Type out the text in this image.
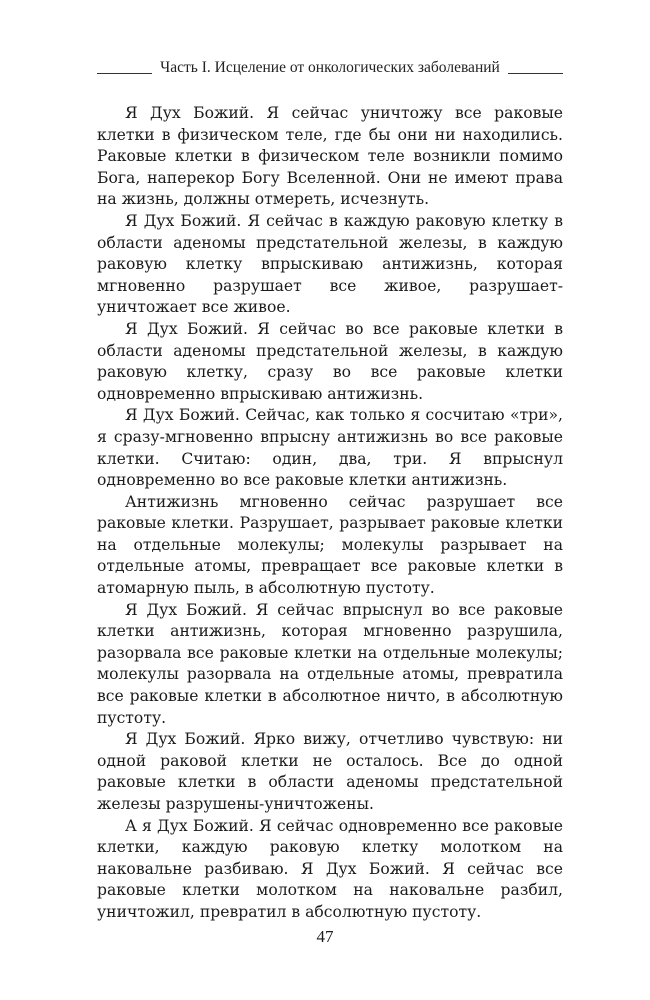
Часть I. Исцеление от онкологических заболеваний

Я Дух Божий. Я сейчас уничтожу все раковые клетки в физическом теле, где бы они ни находились. Раковые клетки в физическом теле возникли помимо Бога, наперекор Богу Вселенной. Они не имеют права на жизнь, должны отмереть, исчезнуть.

Я Дух Божий. Я сейчас в каждую раковую клетку в области аденомы предстательной железы, в каждую раковую клетку впрыскиваю антижизнь, которая мгновенно разрушает все живое, разрушает-уничтожает все живое.

Я Дух Божий. Я сейчас во все раковые клетки в области аденомы предстательной железы, в каждую раковую клетку, сразу во все раковые клетки одновременно впрыскиваю антижизнь.

Я Дух Божий. Сейчас, как только я сосчитаю «три», я сразу-мгновенно впрысну антижизнь во все раковые клетки. Считаю: один, два, три. Я впрыснул одновременно во все раковые клетки антижизнь.

Антижизнь мгновенно сейчас разрушает все раковые клетки. Разрушает, разрывает раковые клетки на отдельные молекулы; молекулы разрывает на отдельные атомы, превращает все раковые клетки в атомарную пыль, в абсолютную пустоту.

Я Дух Божий. Я сейчас впрыснул во все раковые клетки антижизнь, которая мгновенно разрушила, разорвала все раковые клетки на отдельные молекулы; молекулы разорвала на отдельные атомы, превратила все раковые клетки в абсолютное ничто, в абсолютную пустоту.

Я Дух Божий. Ярко вижу, отчетливо чувствую: ни одной раковой клетки не осталось. Все до одной раковые клетки в области аденомы предстательной железы разрушены-уничтожены.

А я Дух Божий. Я сейчас одновременно все раковые клетки, каждую раковую клетку молотком на наковальне разбиваю. Я Дух Божий. Я сейчас все раковые клетки молотком на наковальне разбил, уничтожил, превратил в абсолютную пустоту.

47
